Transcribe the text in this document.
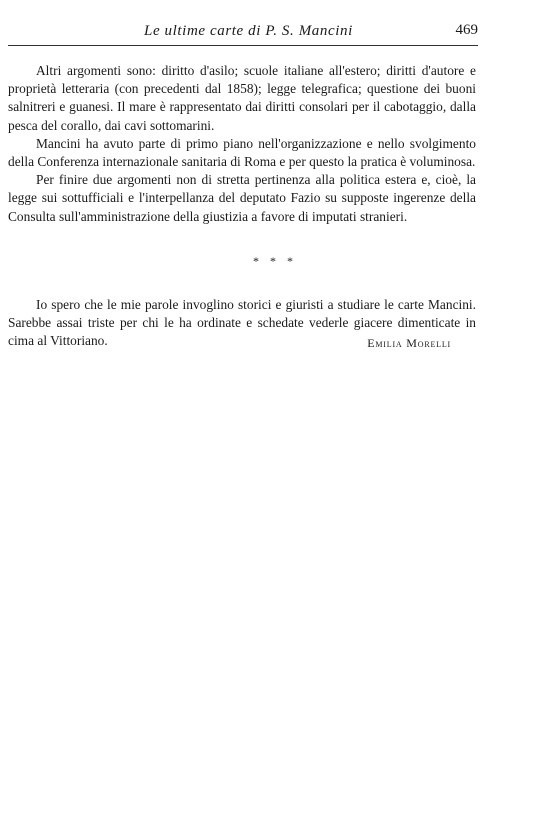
Le ultime carte di P. S. Mancini	469

Altri argomenti sono: diritto d'asilo; scuole italiane all'estero; diritti d'autore e proprietà letteraria (con precedenti dal 1858); legge telegrafica; questione dei buoni salnitreri e guanesi. Il mare è rappresentato dai diritti consolari per il cabotaggio, dalla pesca del corallo, dai cavi sottomarini.

Mancini ha avuto parte di primo piano nell'organizzazione e nello svolgimento della Conferenza internazionale sanitaria di Roma e per questo la pratica è voluminosa.

Per finire due argomenti non di stretta pertinenza alla politica estera e, cioè, la legge sui sottufficiali e l'interpellanza del deputato Fazio su supposte ingerenze della Consulta sull'amministrazione della giustizia a favore di imputati stranieri.

* * *

Io spero che le mie parole invoglino storici e giuristi a studiare le carte Mancini. Sarebbe assai triste per chi le ha ordinate e schedate vederle giacere dimenticate in cima al Vittoriano.	Emilia Morelli
